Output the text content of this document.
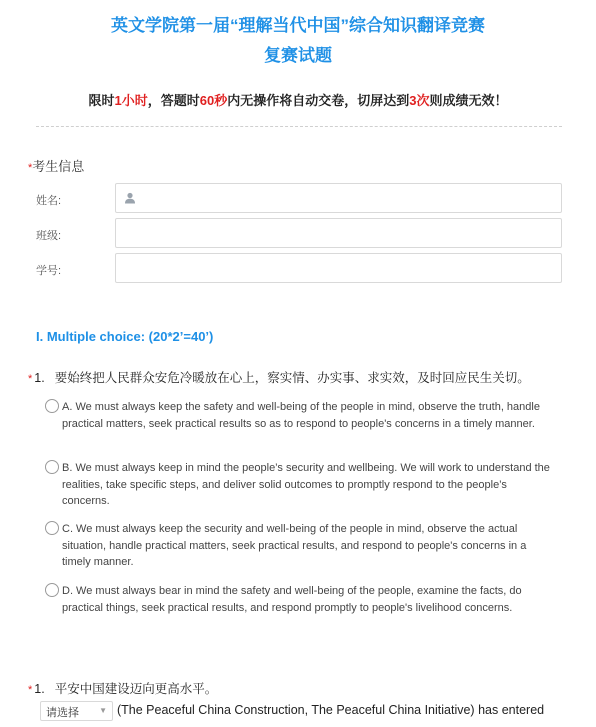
英文学院第一届“理解当代中国”综合知识翻译竞赛
复赛试题
限时1小时，答题时60秒内无操作将自动交卷，切屏达到3次则成绩无效！
*考生信息
姓名:
班级:
学号:
I. Multiple choice: (20*2’=40’)
* 1. 要始终把人民群众安危冷暖放在心上，察实情、办实事、求实效，及时回应民生关切。
A. We must always keep the safety and well-being of the people in mind, observe the truth, handle practical matters, seek practical results so as to respond to people's concerns in a timely manner.
B. We must always keep in mind the people’s security and wellbeing. We will work to understand the realities, take specific steps, and deliver solid outcomes to promptly respond to the people’s concerns.
C. We must always keep the security and well-being of the people in mind, observe the actual situation, handle practical matters, seek practical results, and respond to people's concerns in a timely manner.
D. We must always bear in mind the safety and well-being of the people, examine the facts, do practical things, seek practical results, and respond promptly to people's livelihood concerns.
* 1. 平安中国建设迈向更高水平。
请选择	▼ (The Peaceful China Construction, The Peaceful China Initiative) has entered
